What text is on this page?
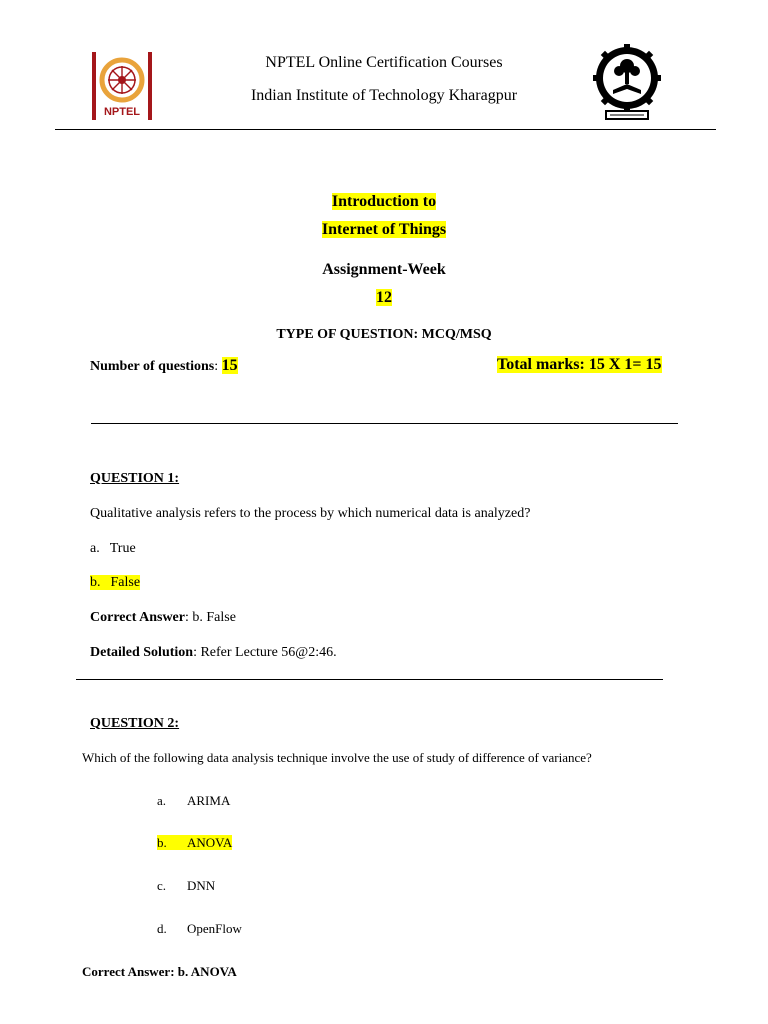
NPTEL
NPTEL Online Certification Courses
Indian Institute of Technology Kharagpur
Introduction to
Internet of Things
Assignment-Week
12
TYPE OF QUESTION: MCQ/MSQ
Number of questions: 15	Total marks: 15 X 1= 15
QUESTION 1:
Qualitative analysis refers to the process by which numerical data is analyzed?
a. True
b. False
Correct Answer: b. False
Detailed Solution: Refer Lecture 56@2:46.
QUESTION 2:
Which of the following data analysis technique involve the use of study of difference of variance?
a. ARIMA
b. ANOVA
c. DNN
d. OpenFlow
Correct Answer: b. ANOVA
